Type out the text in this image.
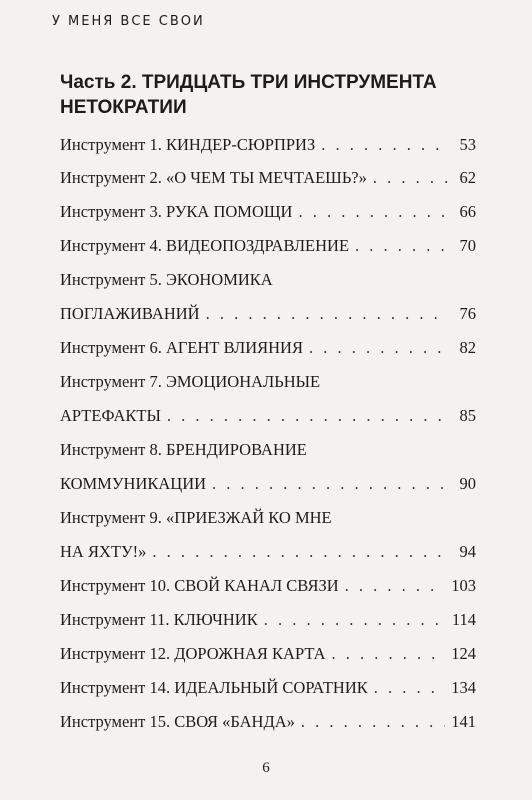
У МЕНЯ ВСЕ СВОИ
Часть 2. ТРИДЦАТЬ ТРИ ИНСТРУМЕНТА
НЕТОКРАТИИ
Инструмент 1. КИНДЕР-СЮРПРИЗ . . .	53
Инструмент 2. «О ЧЕМ ТЫ МЕЧТАЕШЬ?» . . .	62
Инструмент 3. РУКА ПОМОЩИ . . .	66
Инструмент 4. ВИДЕОПОЗДРАВЛЕНИЕ . . .	70
Инструмент 5. ЭКОНОМИКА
ПОГЛАЖИВАНИЙ . . .	76
Инструмент 6. АГЕНТ ВЛИЯНИЯ . . .	82
Инструмент 7. ЭМОЦИОНАЛЬНЫЕ
АРТЕФАКТЫ . . .	85
Инструмент 8. БРЕНДИРОВАНИЕ
КОММУНИКАЦИИ . . .	90
Инструмент 9. «ПРИЕЗЖАЙ КО МНЕ
НА ЯХТУ!» . . .	94
Инструмент 10. СВОЙ КАНАЛ СВЯЗИ . . .	103
Инструмент 11. КЛЮЧНИК . . .	114
Инструмент 12. ДОРОЖНАЯ КАРТА . . .	124
Инструмент 14. ИДЕАЛЬНЫЙ СОРАТНИК . . .	134
Инструмент 15. СВОЯ «БАНДА» . . .	141
6
